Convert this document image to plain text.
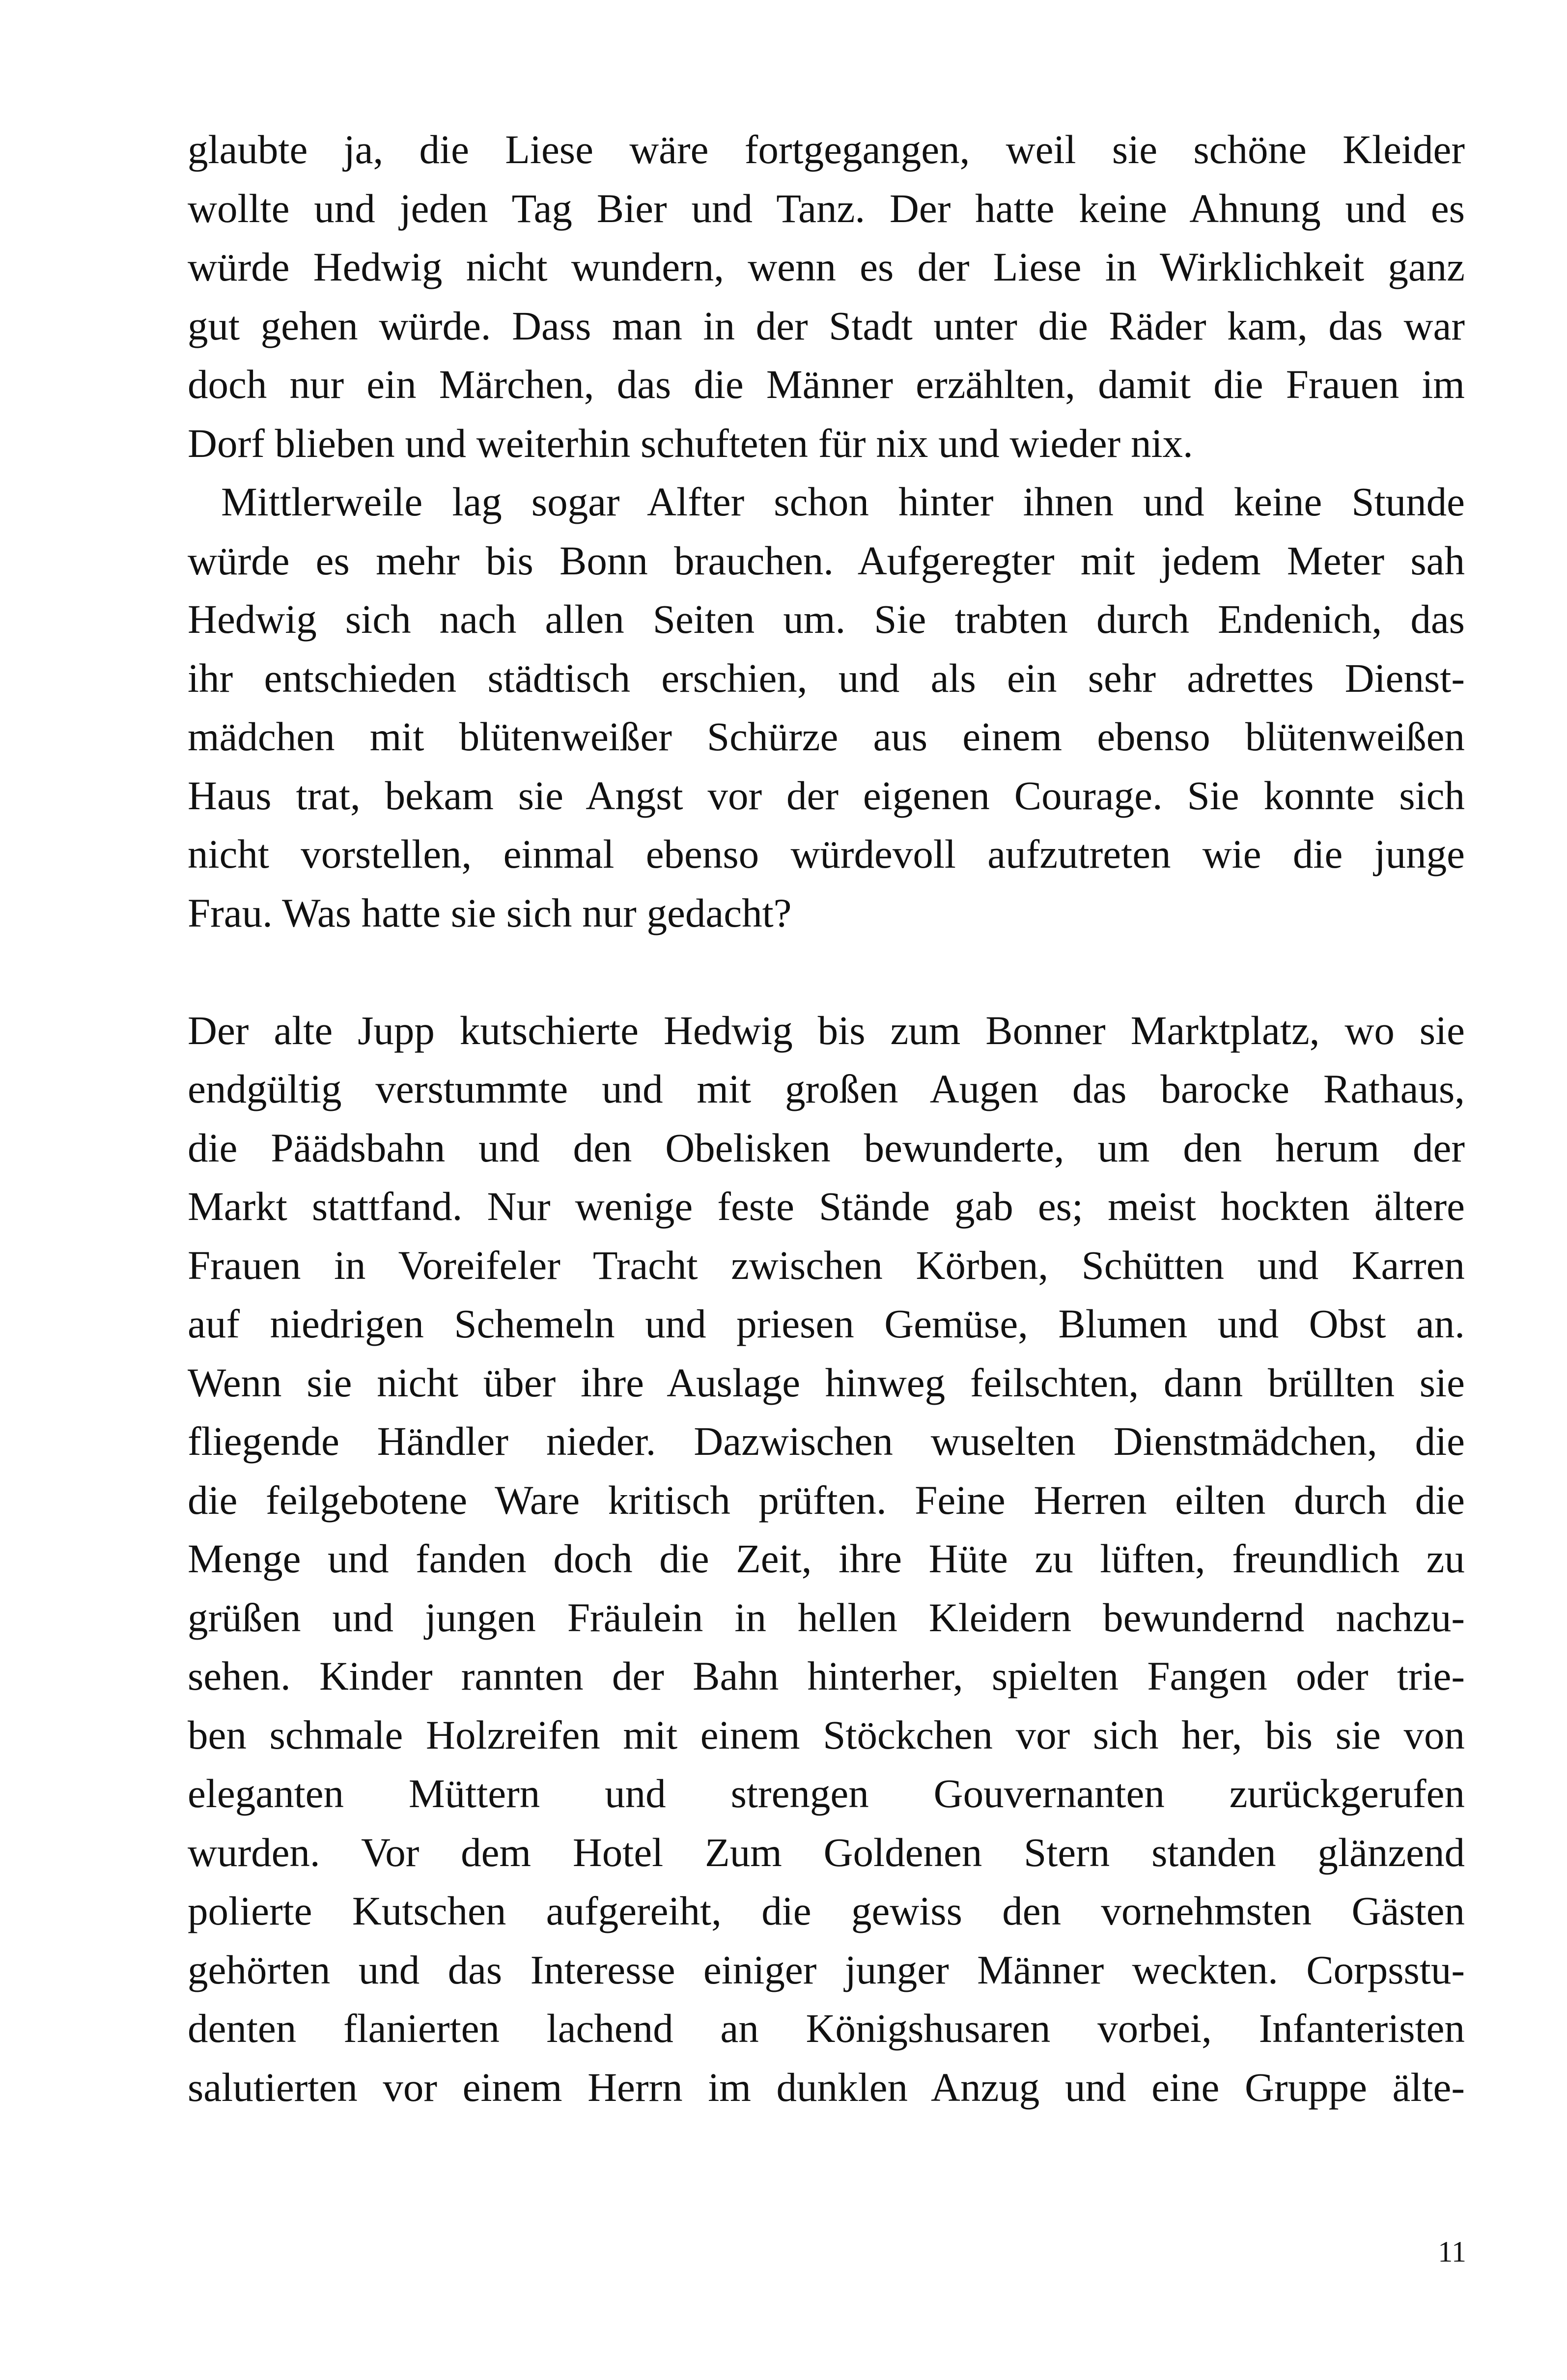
glaubte ja, die Liese wäre fortgegangen, weil sie schöne Kleider
wollte und jeden Tag Bier und Tanz. Der hatte keine Ahnung und es
würde Hedwig nicht wundern, wenn es der Liese in Wirklichkeit ganz
gut gehen würde. Dass man in der Stadt unter die Räder kam, das war
doch nur ein Märchen, das die Männer erzählten, damit die Frauen im
Dorf blieben und weiterhin schufteten für nix und wieder nix.
Mittlerweile lag sogar Alfter schon hinter ihnen und keine Stunde
würde es mehr bis Bonn brauchen. Aufgeregter mit jedem Meter sah
Hedwig sich nach allen Seiten um. Sie trabten durch Endenich, das
ihr entschieden städtisch erschien, und als ein sehr adrettes Dienst-
mädchen mit blütenweißer Schürze aus einem ebenso blütenweißen
Haus trat, bekam sie Angst vor der eigenen Courage. Sie konnte sich
nicht vorstellen, einmal ebenso würdevoll aufzutreten wie die junge
Frau. Was hatte sie sich nur gedacht?
Der alte Jupp kutschierte Hedwig bis zum Bonner Marktplatz, wo sie
endgültig verstummte und mit großen Augen das barocke Rathaus,
die Päädsbahn und den Obelisken bewunderte, um den herum der
Markt stattfand. Nur wenige feste Stände gab es; meist hockten ältere
Frauen in Voreifeler Tracht zwischen Körben, Schütten und Karren
auf niedrigen Schemeln und priesen Gemüse, Blumen und Obst an.
Wenn sie nicht über ihre Auslage hinweg feilschten, dann brüllten sie
fliegende Händler nieder. Dazwischen wuselten Dienstmädchen, die
die feilgebotene Ware kritisch prüften. Feine Herren eilten durch die
Menge und fanden doch die Zeit, ihre Hüte zu lüften, freundlich zu
grüßen und jungen Fräulein in hellen Kleidern bewundernd nachzu-
sehen. Kinder rannten der Bahn hinterher, spielten Fangen oder trie-
ben schmale Holzreifen mit einem Stöckchen vor sich her, bis sie von
eleganten Müttern und strengen Gouvernanten zurückgerufen
wurden. Vor dem Hotel Zum Goldenen Stern standen glänzend
polierte Kutschen aufgereiht, die gewiss den vornehmsten Gästen
gehörten und das Interesse einiger junger Männer weckten. Corpsstu-
denten flanierten lachend an Königshusaren vorbei, Infanteristen
salutierten vor einem Herrn im dunklen Anzug und eine Gruppe älte-
11
